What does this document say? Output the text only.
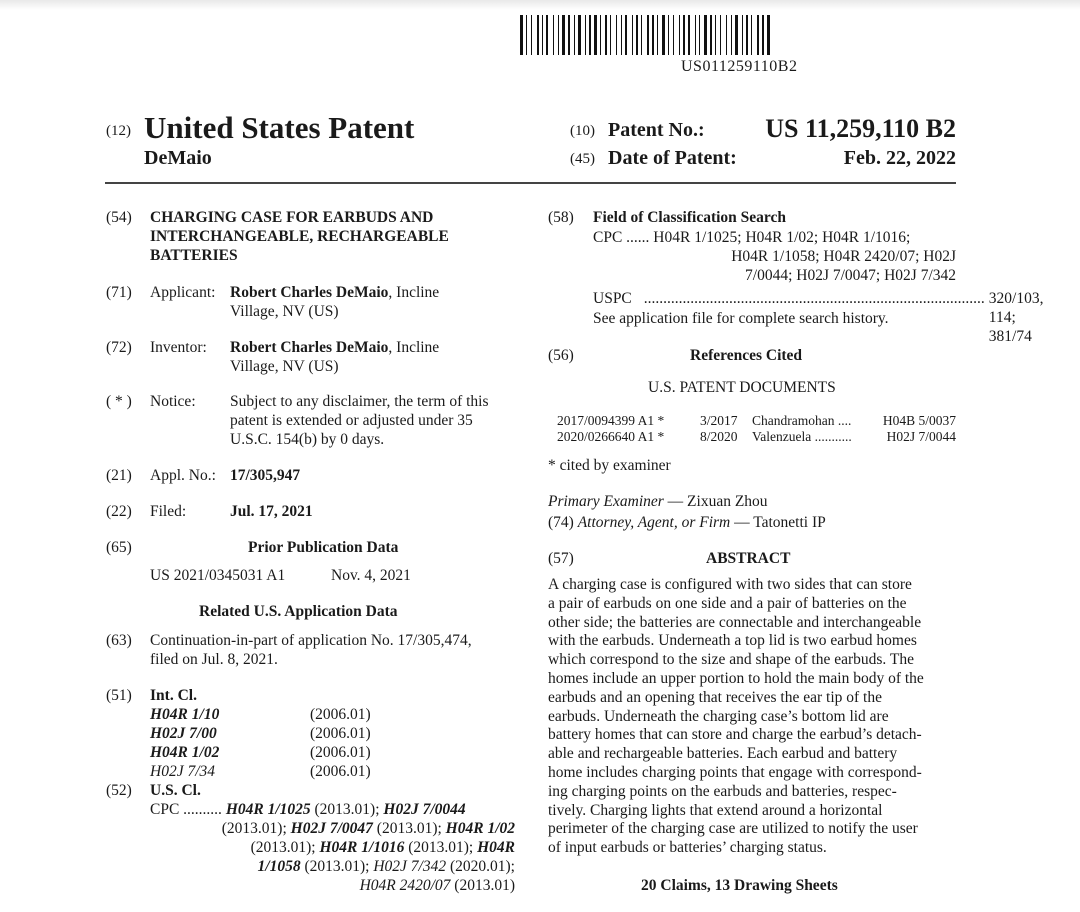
US011259110B2
(12) United States Patent
DeMaio
(10) Patent No.:	US 11,259,110 B2
(45) Date of Patent:	Feb. 22, 2022
(54) CHARGING CASE FOR EARBUDS AND
INTERCHANGEABLE, RECHARGEABLE
BATTERIES
(71) Applicant: Robert Charles DeMaio, Incline
Village, NV (US)
(72) Inventor: Robert Charles DeMaio, Incline
Village, NV (US)
( * ) Notice: Subject to any disclaimer, the term of this
patent is extended or adjusted under 35
U.S.C. 154(b) by 0 days.
(21) Appl. No.: 17/305,947
(22) Filed:	Jul. 17, 2021
(65)	Prior Publication Data
US 2021/0345031 A1	Nov. 4, 2021
Related U.S. Application Data
(63) Continuation-in-part of application No. 17/305,474,
filed on Jul. 8, 2021.
(51) Int. Cl.
H04R 1/10	(2006.01)
H02J 7/00	(2006.01)
H04R 1/02	(2006.01)
H02J 7/34	(2006.01)
(52) U.S. Cl.
CPC .......... H04R 1/1025 (2013.01); H02J 7/0044
(2013.01); H02J 7/0047 (2013.01); H04R 1/02
(2013.01); H04R 1/1016 (2013.01); H04R
1/1058 (2013.01); H02J 7/342 (2020.01);
H04R 2420/07 (2013.01)
(58) Field of Classification Search
CPC ...... H04R 1/1025; H04R 1/02; H04R 1/1016;
H04R 1/1058; H04R 2420/07; H02J
7/0044; H02J 7/0047; H02J 7/342
USPC ........................................................................................ 320/103, 114; 381/74
See application file for complete search history.
(56)	References Cited
U.S. PATENT DOCUMENTS
2017/0094399 A1 *	3/2017	Chandramohan ....	H04B 5/0037
2020/0266640 A1 *	8/2020	Valenzuela ...........	H02J 7/0044
* cited by examiner
Primary Examiner — Zixuan Zhou
(74) Attorney, Agent, or Firm — Tatonetti IP
(57)	ABSTRACT
A charging case is configured with two sides that can store
a pair of earbuds on one side and a pair of batteries on the
other side; the batteries are connectable and interchangeable
with the earbuds. Underneath a top lid is two earbud homes
which correspond to the size and shape of the earbuds. The
homes include an upper portion to hold the main body of the
earbuds and an opening that receives the ear tip of the
earbuds. Underneath the charging case’s bottom lid are
battery homes that can store and charge the earbud’s detach-
able and rechargeable batteries. Each earbud and battery
home includes charging points that engage with correspond-
ing charging points on the earbuds and batteries, respec-
tively. Charging lights that extend around a horizontal
perimeter of the charging case are utilized to notify the user
of input earbuds or batteries’ charging status.
20 Claims, 13 Drawing Sheets
